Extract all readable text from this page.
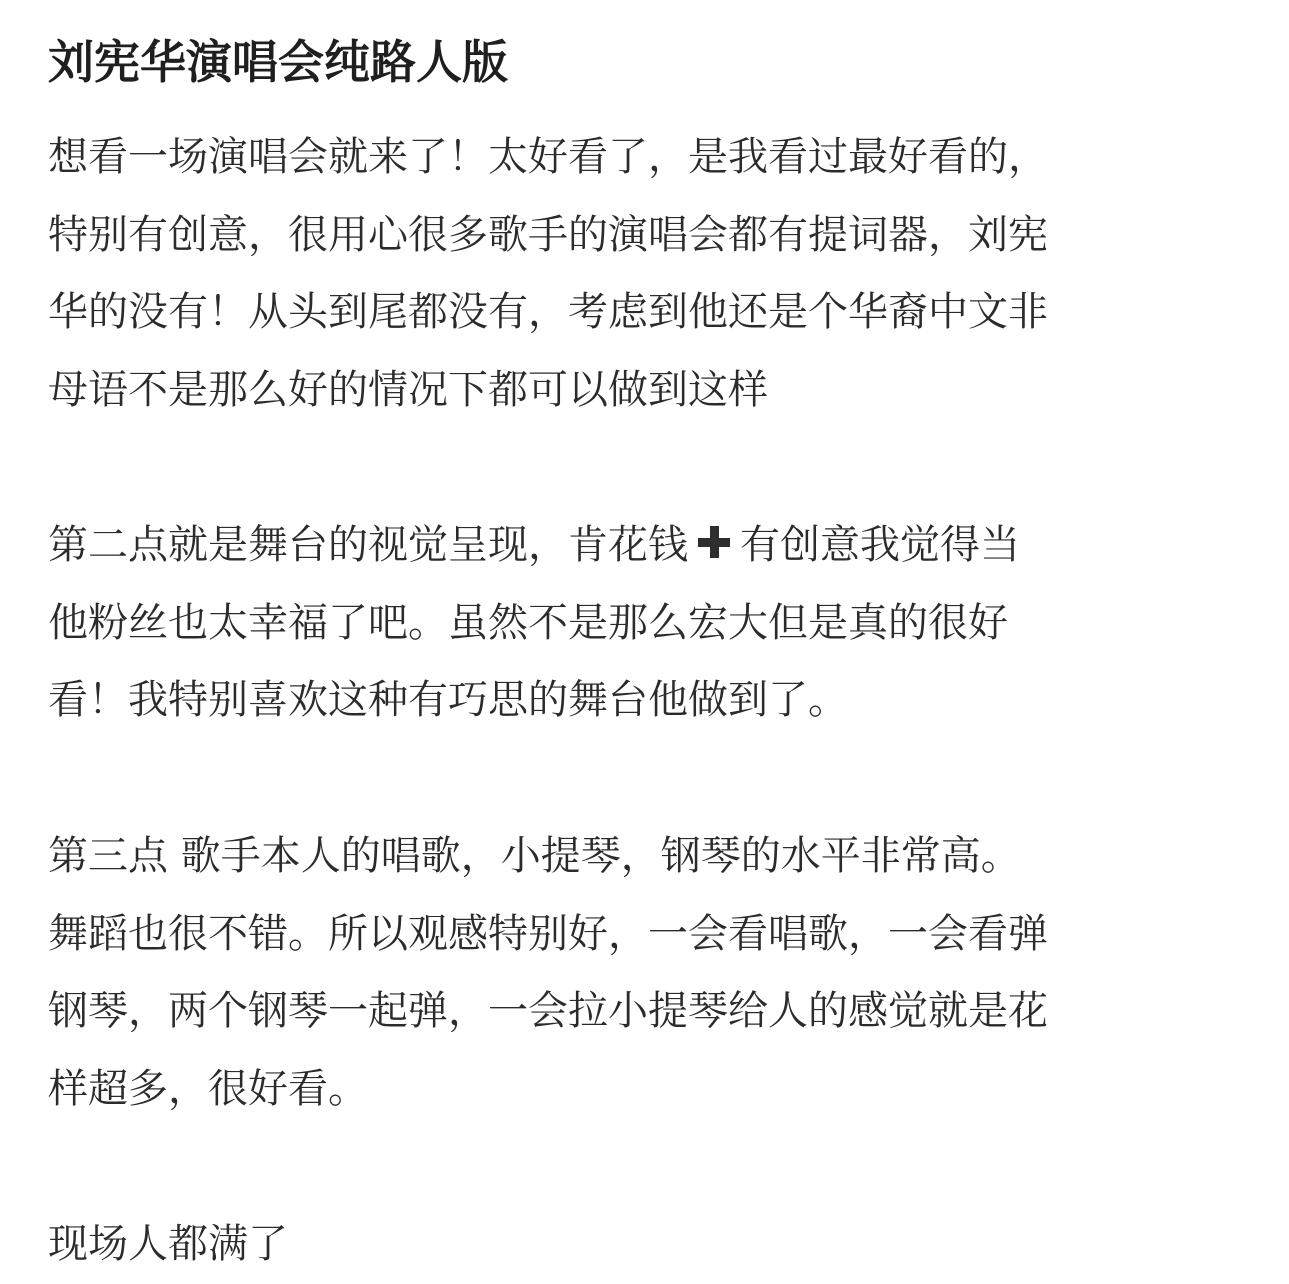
刘宪华演唱会纯路人版
想看一场演唱会就来了！太好看了，是我看过最好看的，
特别有创意，很用心很多歌手的演唱会都有提词器，刘宪
华的没有！从头到尾都没有，考虑到他还是个华裔中文非
母语不是那么好的情况下都可以做到这样
第二点就是舞台的视觉呈现，肯花钱 有创意我觉得当
他粉丝也太幸福了吧。虽然不是那么宏大但是真的很好
看！我特别喜欢这种有巧思的舞台他做到了。
第三点 歌手本人的唱歌，小提琴，钢琴的水平非常高。
舞蹈也很不错。所以观感特别好，一会看唱歌，一会看弹
钢琴，两个钢琴一起弹，一会拉小提琴给人的感觉就是花
样超多，很好看。
现场人都满了
